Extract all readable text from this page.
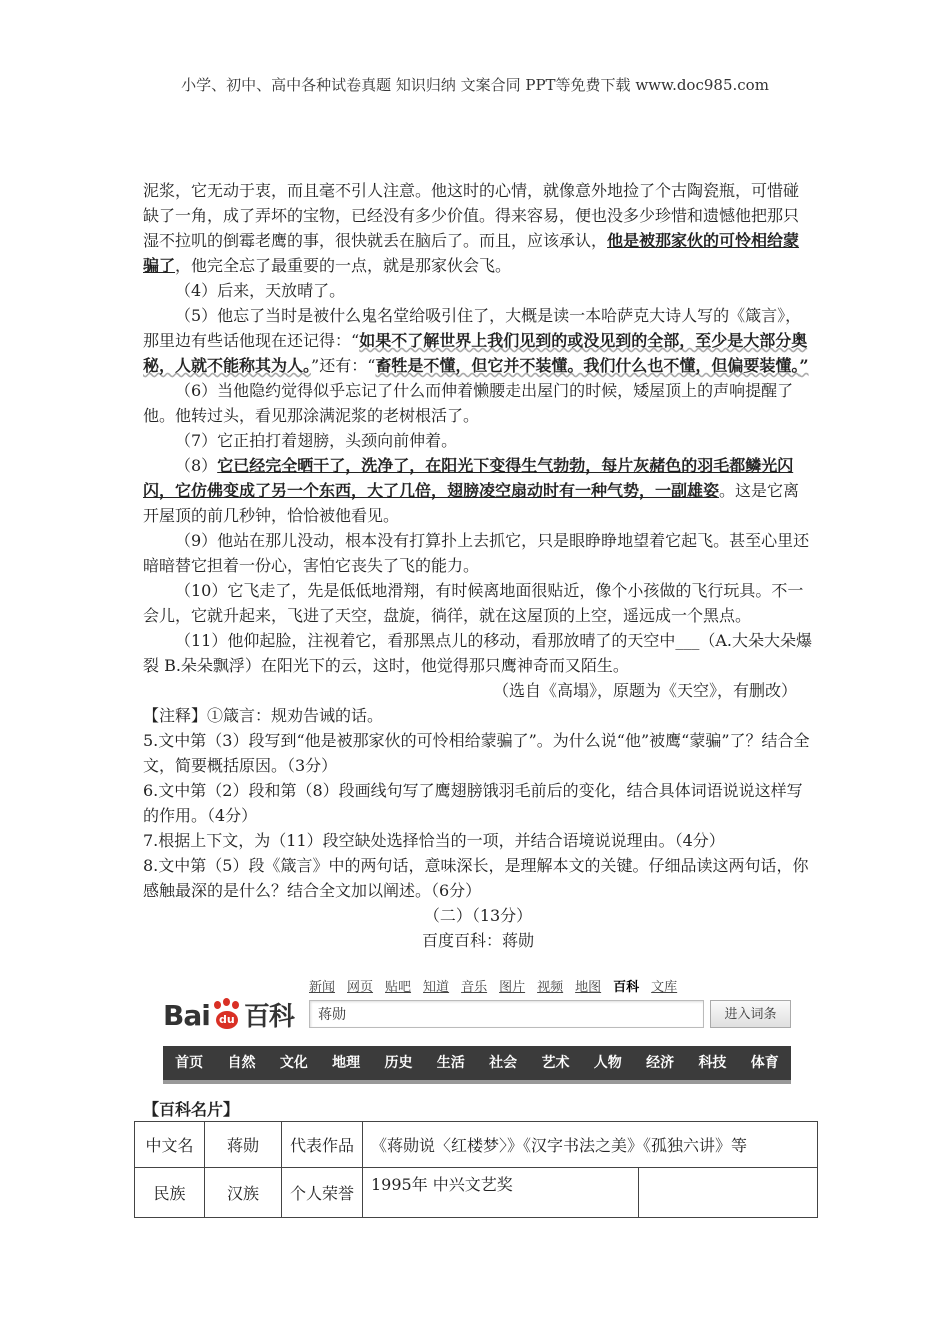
小学、初中、高中各种试卷真题 知识归纳 文案合同 PPT等免费下载 www.doc985.com

泥浆，它无动于衷，而且毫不引人注意。他这时的心情，就像意外地捡了个古陶瓷瓶，可惜碰缺了一角，成了弄坏的宝物，已经没有多少价值。得来容易，便也没多少珍惜和遗憾他把那只湿不拉叽的倒霉老鹰的事，很快就丢在脑后了。而且，应该承认，他是被那家伙的可怜相给蒙骗了，他完全忘了最重要的一点，就是那家伙会飞。

（4）后来，天放晴了。

（5）他忘了当时是被什么鬼名堂给吸引住了，大概是读一本哈萨克大诗人写的《箴言》，那里边有些话他现在还记得：“如果不了解世界上我们见到的或没见到的全部，至少是大部分奥秘，人就不能称其为人。”还有：“畜牲是不懂，但它并不装懂。我们什么也不懂，但偏要装懂。”

（6）当他隐约觉得似乎忘记了什么而伸着懒腰走出屋门的时候，矮屋顶上的声响提醒了他。他转过头，看见那涂满泥浆的老树根活了。

（7）它正拍打着翅膀，头颈向前伸着。

（8）它已经完全晒干了，洗净了，在阳光下变得生气勃勃，每片灰赭色的羽毛都鳞光闪闪，它仿佛变成了另一个东西，大了几倍，翅膀凌空扇动时有一种气势，一副雄姿。这是它离开屋顶的前几秒钟，恰恰被他看见。

（9）他站在那儿没动，根本没有打算扑上去抓它，只是眼睁睁地望着它起飞。甚至心里还暗暗替它担着一份心，害怕它丧失了飞的能力。

（10）它飞走了，先是低低地滑翔，有时候离地面很贴近，像个小孩做的飞行玩具。不一会儿，它就升起来，飞进了天空，盘旋，徜徉，就在这屋顶的上空，遥远成一个黑点。

（11）他仰起脸，注视着它，看那黑点儿的移动，看那放晴了的天空中___（A.大朵大朵爆裂 B.朵朵飘浮）在阳光下的云，这时，他觉得那只鹰神奇而又陌生。

（选自《高塌》，原题为《天空》，有删改）

【注释】①箴言：规劝告诫的话。

5.文中第（3）段写到“他是被那家伙的可怜相给蒙骗了”。为什么说“他”被鹰“蒙骗”了？结合全文，简要概括原因。（3分）

6.文中第（2）段和第（8）段画线句写了鹰翅膀饿羽毛前后的变化，结合具体词语说说这样写的作用。（4分）

7.根据上下文，为（11）段空缺处选择恰当的一项，并结合语境说说理由。（4分）

8.文中第（5）段《箴言》中的两句话，意味深长，是理解本文的关键。仔细品读这两句话，你感触最深的是什么？结合全文加以阐述。（6分）

（二）（13分）

百度百科：蒋勋

Bai du 百科
新闻 网页 贴吧 知道 音乐 图片 视频 地图 百科 文库
蒋勋	进入词条
首页	自然	文化	地理	历史	生活	社会	艺术	人物	经济	科技	体育
【百科名片】
中文名	蒋勋	代表作品	《蒋勋说〈红楼梦〉》《汉字书法之美》《孤独六讲》等	
民族	汉族	个人荣誉	1995年 中兴文艺奖	
